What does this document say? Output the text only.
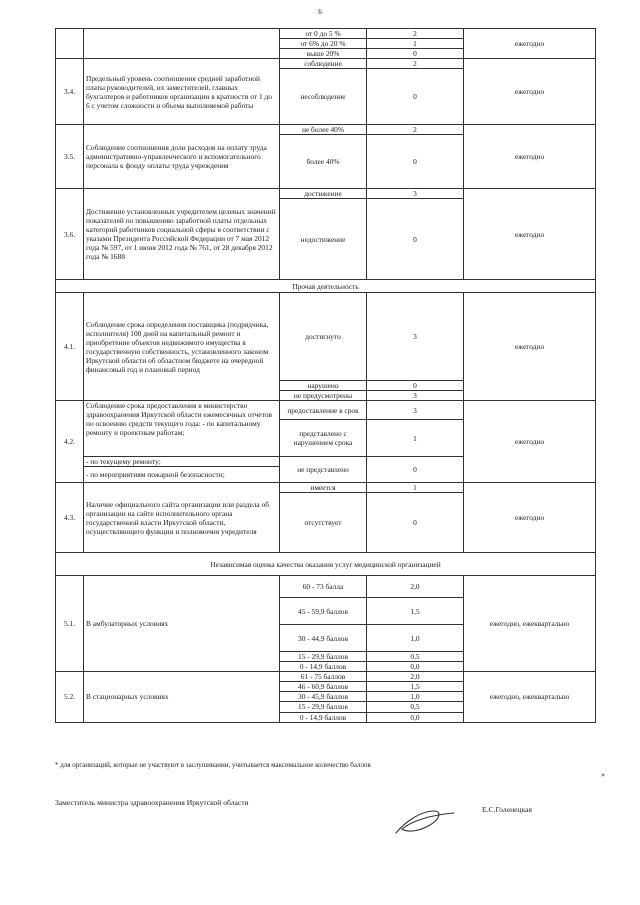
6
		от 0 до 5 %	2	ежегодно
		от 6% до 20 %	1	
		выше 20%	0	
3.4.	Предельный уровень соотношения средней заработной платы руководителей, их заместителей, главных бухгалтеров и работников организации в кратности от 1 до 6 с учетом сложности и объема выполняемой работы	соблюдение	2	ежегодно
		несоблюдение	0	
3.5.	Соблюдение соотношения доли расходов на оплату труда административно-управленческого и вспомогательного персонала к фонду оплаты труда учреждения	не более 40%	2	ежегодно
		более 40%	0	
3.6.	Достижение установленных учредителем целевых значений показателей по повышению заработной платы отдельных категорий работников социальной сферы в соответствии с указами Президента Российской Федерации от 7 мая 2012 года № 597, от 1 июня 2012 года № 761, от 28 декабря 2012 года № 1688	достижение	3	ежегодно
		недостижение	0	
Прочая деятельность				
4.1.	Соблюдение срока определения поставщика (подрядчика, исполнителя) 100 дней на капитальный ремонт и приобретение объектов недвижимого имущества в государственную собственность, установленного законом Иркутской области об областном бюджете на очередной финансовый год и плановый период	достигнуто	3	ежегодно
		нарушено	0	
		не предусмотрены	3	
4.2.	Соблюдение срока предоставления в министерство здравоохранения Иркутской области ежемесячных отчетов по освоению средств текущего года: - по капитальному ремонту и проектным работам;	предоставление в срок	3	ежегодно
		представлено с нарушением срока	1	
	- по текущему ремонту;	не представлено	0	
	- по мероприятиям пожарной безопасности;			
4.3.	Наличие официального сайта организации или раздела об организации на сайте исполнительного органа государственной власти Иркутской области, осуществляющего функции и полномочия учредителя	имеется	1	ежегодно
		отсутствует	0	
Независимая оценка качества оказания услуг медицинской организацией				
5.1.	В амбулаторных условиях	60 - 73 балла	2,0	ежегодно, ежеквартально
		45 - 59,9 баллов	1,5	
		30 - 44,9 баллов	1,0	
		15 - 29,9 баллов	0,5	
		0 - 14,9 баллов	0,0	
5.2.	В стационарных условиях	61 - 75 баллов	2,0	ежегодно, ежеквартально
		46 - 60,9 баллов	1,5	
		30 - 45,9 баллов	1,0	
		15 - 29,9 баллов	0,5	
		0 - 14,9 баллов	0,0	
* для организаций, которые не участвуют в заслушивании, учитывается максимальное количество баллов
»
Заместитель министра здравоохранения Иркутской области
Е.С.Голенецкая
